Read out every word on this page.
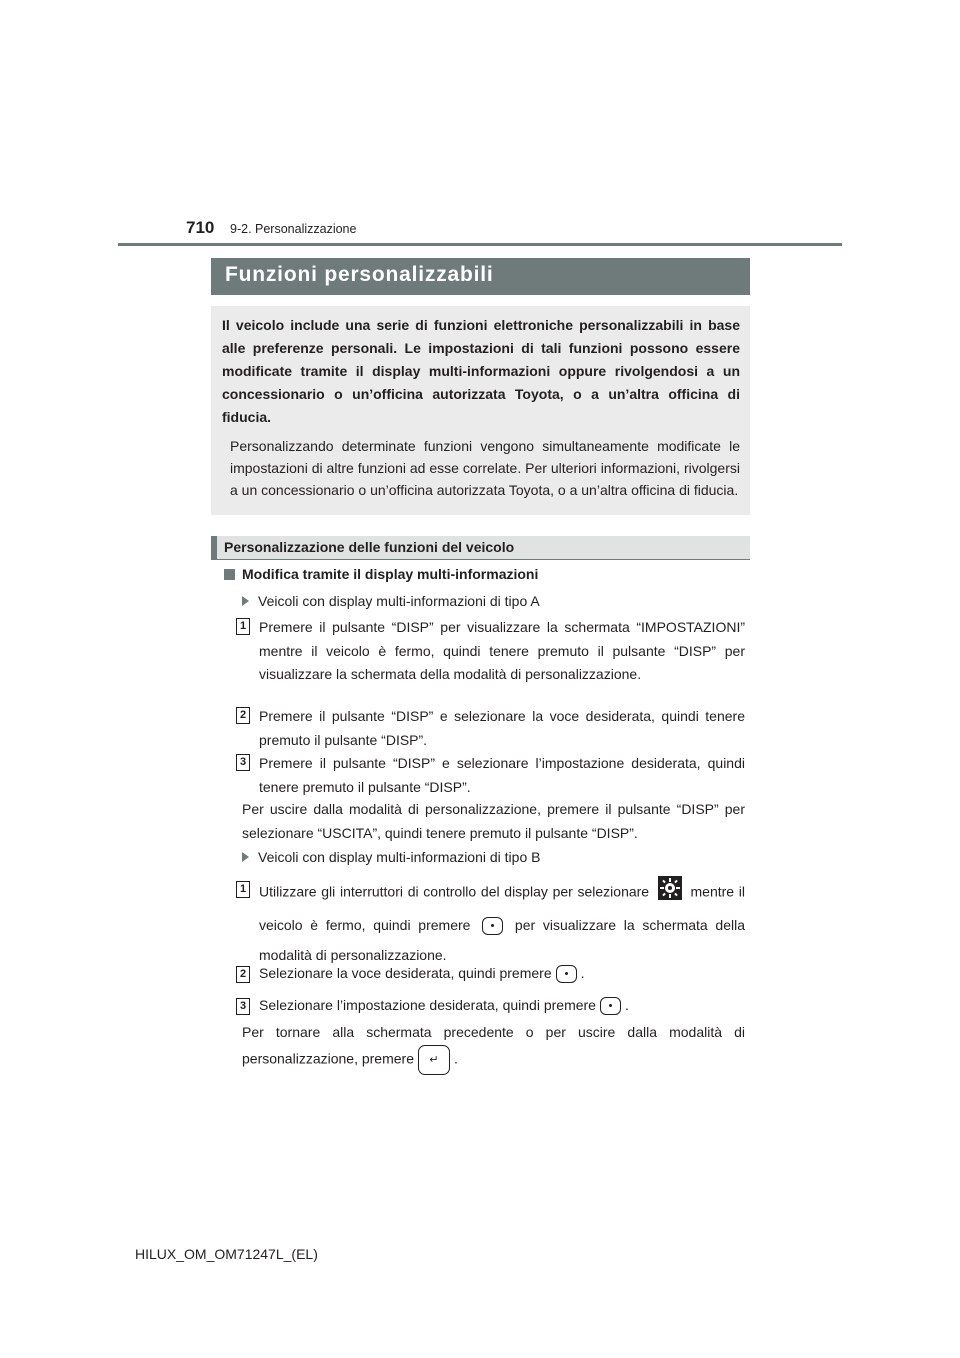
710 9-2. Personalizzazione
Funzioni personalizzabili

Il veicolo include una serie di funzioni elettroniche personalizzabili in base alle preferenze personali. Le impostazioni di tali funzioni possono essere modificate tramite il display multi-informazioni oppure rivolgendosi a un concessionario o un’officina autorizzata Toyota, o a un’altra officina di fiducia.

Personalizzando determinate funzioni vengono simultaneamente modificate le impostazioni di altre funzioni ad esse correlate. Per ulteriori informazioni, rivolgersi a un concessionario o un’officina autorizzata Toyota, o a un’altra officina di fiducia.

Personalizzazione delle funzioni del veicolo
Modifica tramite il display multi-informazioni
Veicoli con display multi-informazioni di tipo A
1 Premere il pulsante “DISP” per visualizzare la schermata “IMPOSTAZIONI” mentre il veicolo è fermo, quindi tenere premuto il pulsante “DISP” per visualizzare la schermata della modalità di personalizzazione.

2 Premere il pulsante “DISP” e selezionare la voce desiderata, quindi tenere premuto il pulsante “DISP”.

3 Premere il pulsante “DISP” e selezionare l’impostazione desiderata, quindi tenere premuto il pulsante “DISP”.

Per uscire dalla modalità di personalizzazione, premere il pulsante “DISP” per selezionare “USCITA”, quindi tenere premuto il pulsante “DISP”.

Veicoli con display multi-informazioni di tipo B
1 Utilizzare gli interruttori di controllo del display per selezionare	mentre il veicolo è fermo, quindi premere	per visualizzare la schermata della modalità di personalizzazione.

2 Selezionare la voce desiderata, quindi premere .

3 Selezionare l’impostazione desiderata, quindi premere .

Per tornare alla schermata precedente o per uscire dalla modalità di personalizzazione, premere ↵ .

HILUX_OM_OM71247L_(EL)
